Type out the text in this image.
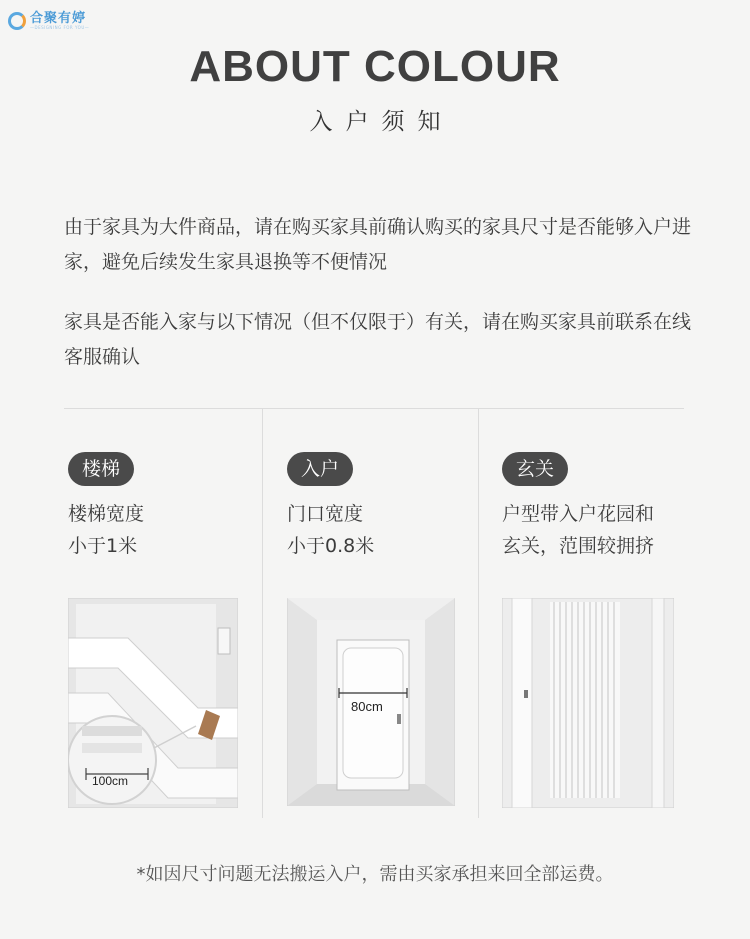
合聚有婷
—DESIGNING FOR YOU—
ABOUT COLOUR
入户须知
由于家具为大件商品，请在购买家具前确认购买的家具尺寸是否能够入户进家，避免后续发生家具退换等不便情况
家具是否能入家与以下情况（但不仅限于）有关，请在购买家具前联系在线客服确认
楼梯
楼梯宽度
小于1米
入户
门口宽度
小于0.8米
玄关
户型带入户花园和
玄关，范围较拥挤
100cm
80cm
*如因尺寸问题无法搬运入户，需由买家承担来回全部运费。
